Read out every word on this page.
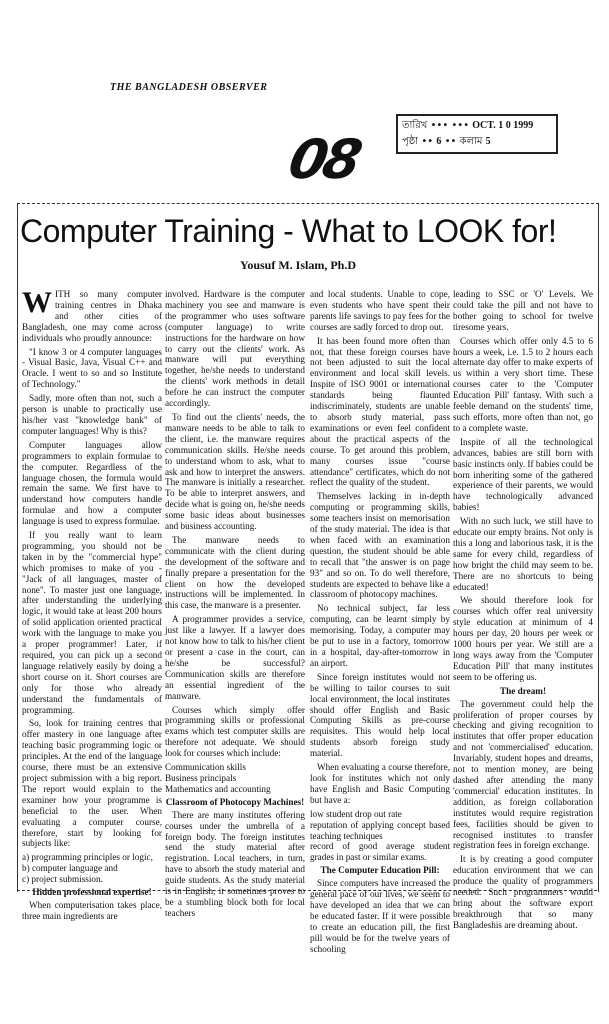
THE BANGLADESH OBSERVER
তারিখ ••• ••• OCT. 1 0 1999
পৃষ্ঠা •• 6 •• কলাম 5
08
Computer Training - What to LOOK for!
Yousuf M. Islam, Ph.D

WITH so many computer training centres in Dhaka and other cities of Bangladesh, one may come across individuals who proudly announce:

"I know 3 or 4 computer languages - Visual Basic, Java, Visual C++ and Oracle. I went to so and so Institute of Technology."

Sadly, more often than not, such a person is unable to practically use his/her vast "knowledge bank" of computer languages! Why is this?

Computer languages allow programmers to explain formulae to the computer. Regardless of the language chosen, the formula would remain the same. We first have to understand how computers handle formulae and how a computer language is used to express formulae.

If you really want to learn programming, you should not be taken in by the "commercial hype" which promises to make of you - "Jack of all languages, master of none". To master just one language, after understanding the underlying logic, it would take at least 200 hours of solid application oriented practical work with the language to make you a proper programmer! Later, if required, you can pick up a second language relatively easily by doing a short course on it. Short courses are only for those who already understand the fundamentals of programming.

So, look for training centres that offer mastery in one language after teaching basic programming logic or principles. At the end of the language course, there must be an extensive project submission with a big report. The report would explain to the examiner how your programme is beneficial to the user. When evaluating a computer course, therefore, start by looking for subjects like:

a) programming principles or logic,

b) computer language and

c) project submission.

Hidden professional expertise!

When computerisation takes place, three main ingredients are

involved. Hardware is the computer machinery you see and manware is the programmer who uses software (computer language) to write instructions for the hardware on how to carry out the clients' work. As manware will put everything together, he/she needs to understand the clients' work methods in detail before he can instruct the computer accordingly.

To find out the clients' needs, the manware needs to be able to talk to the client, i.e. the manware requires communication skills. He/she needs to understand whom to ask, what to ask and how to interpret the answers. The manware is initially a researcher. To be able to interpret answers, and decide what is going on, he/she needs some basic ideas about businesses and business accounting.

The manware needs to communicate with the client during the development of the software and finally prepare a presentation for the client on how the developed instructions will be implemented. In this case, the manware is a presenter.

A programmer provides a service, just like a lawyer. If a lawyer does not know how to talk to his/her client or present a case in the court, can he/she be successful? Communication skills are therefore an essential ingredient of the manware.

Courses which simply offer programming skills or professional exams which test computer skills are therefore not adequate. We should look for courses which include:

Communication skills

Business principals

Mathematics and accounting

Classroom of Photocopy Machines!

There are many institutes offering courses under the umbrella of a foreign body. The foreign institutes send the study material after registration. Local teachers, in turn, have to absorb the study material and guide students. As the study material is in English, it sometimes proves to be a stumbling block both for local teachers

and local students. Unable to cope, even students who have spent their parents life savings to pay fees for the courses are sadly forced to drop out.

It has been found more often than not, that these foreign courses have not been adjusted to suit the local environment and local skill levels. Inspite of ISO 9001 or international standards being flaunted indiscriminately, students are unable to absorb study material, pass examinations or even feel confident about the practical aspects of the course. To get around this problem, many courses issue "course attendance" certificates, which do not reflect the quality of the student.

Themselves lacking in in-depth computing or programming skills, some teachers insist on memorisation of the study material. The idea is that when faced with an examination question, the student should be able to recall that "the answer is on page 93" and so on. To do well therefore, students are expected to behave like a classroom of photocopy machines.

No technical subject, far less computing, can be learnt simply by memorising. Today, a computer may be put to use in a factory, tomorrow in a hospital, day-after-tomorrow in an airport.

Since foreign institutes would not be willing to tailor courses to suit local environment, the local institutes should offer English and Basic Computing Skills as pre-course requisites. This would help local students absorb foreign study material.

When evaluating a course therefore, look for institutes which not only have English and Basic Computing but have a:

low student drop out rate

reputation of applying concept based teaching techniques

record of good average student grades in past or similar exams.

The Computer Education Pill:

Since computers have increased the general pace of our lives, we seem to have developed an idea that we can be educated faster. If it were possible to create an education pill, the first pill would be for the twelve years of schooling

leading to SSC or 'O' Levels. We could take the pill and not have to bother going to school for twelve tiresome years.

Courses which offer only 4.5 to 6 hours a week, i.e. 1.5 to 2 hours each alternate day offer to make experts of us within a very short time. These courses cater to the 'Computer Education Pill' fantasy. With such a feeble demand on the students' time, such efforts, more often than not, go to a complete waste.

Inspite of all the technological advances, babies are still born with basic instincts only. If babies could be born inheriting some of the gathered experience of their parents, we would have technologically advanced babies!

With no such luck, we still have to educate our empty brains. Not only is this a long and laborious task, it is the same for every child, regardless of how bright the child may seem to be. There are no shortcuts to being educated!

We should therefore look for courses which offer real university style education at minimum of 4 hours per day, 20 hours per week or 1000 hours per year. We still are a long ways away from the 'Computer Education Pill' that many institutes seem to be offering us.

The dream!

The government could help the proliferation of proper courses by checking and giving recognition to institutes that offer proper education and not 'commercialised' education. Invariably, student hopes and dreams, not to mention money, are being dashed after attending the many 'commercial' education institutes. In addition, as foreign collaboration institutes would require registration fees, facilities should be given to recognised institutes to transfer registration fees in foreign exchange.

It is by creating a good computer education environment that we can produce the quality of programmers needed. Such programmers would bring about the software export breakthrough that so many Bangladeshis are dreaming about.
